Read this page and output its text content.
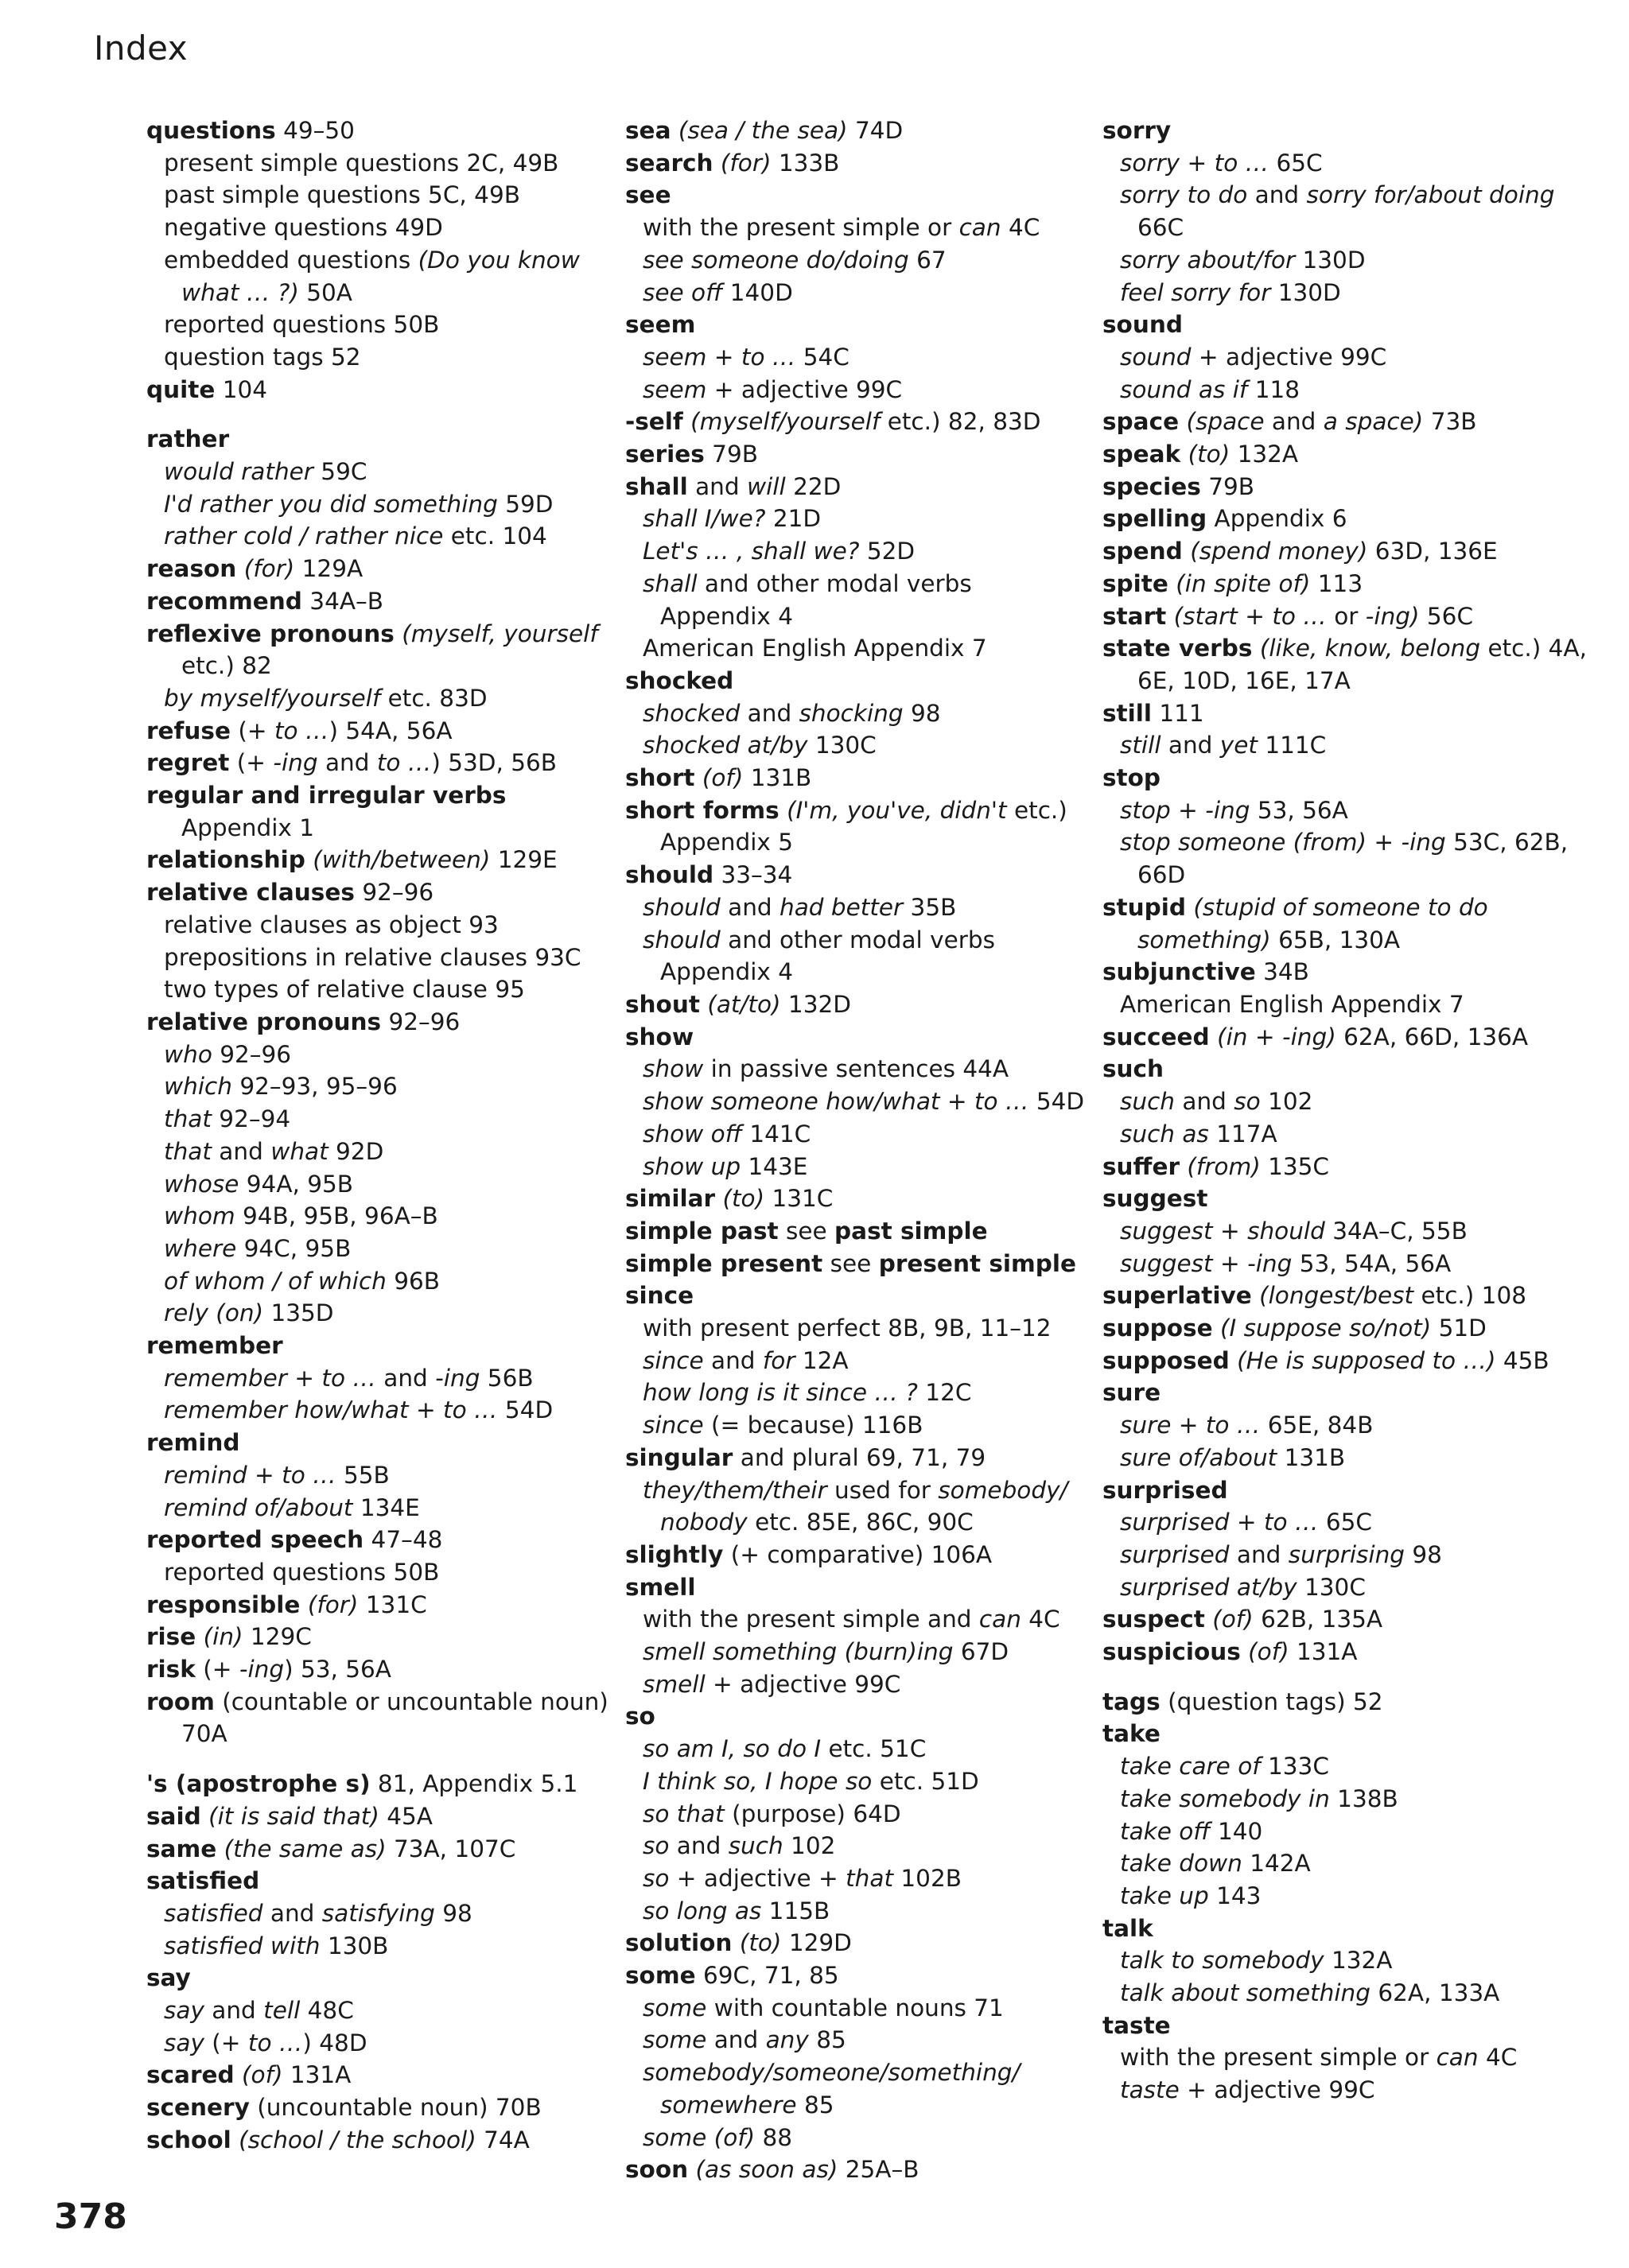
Index
questions 49–50
present simple questions 2C, 49B
past simple questions 5C, 49B
negative questions 49D
embedded questions (Do you know
what … ?) 50A
reported questions 50B
question tags 52
quite 104
rather
would rather 59C
I'd rather you did something 59D
rather cold / rather nice etc. 104
reason (for) 129A
recommend 34A–B
reflexive pronouns (myself, yourself
etc.) 82
by myself/yourself etc. 83D
refuse (+ to …) 54A, 56A
regret (+ -ing and to …) 53D, 56B
regular and irregular verbs
Appendix 1
relationship (with/between) 129E
relative clauses 92–96
relative clauses as object 93
prepositions in relative clauses 93C
two types of relative clause 95
relative pronouns 92–96
who 92–96
which 92–93, 95–96
that 92–94
that and what 92D
whose 94A, 95B
whom 94B, 95B, 96A–B
where 94C, 95B
of whom / of which 96B
rely (on) 135D
remember
remember + to … and -ing 56B
remember how/what + to … 54D
remind
remind + to … 55B
remind of/about 134E
reported speech 47–48
reported questions 50B
responsible (for) 131C
rise (in) 129C
risk (+ -ing) 53, 56A
room (countable or uncountable noun)
70A
's (apostrophe s) 81, Appendix 5.1
said (it is said that) 45A
same (the same as) 73A, 107C
satisfied
satisfied and satisfying 98
satisfied with 130B
say
say and tell 48C
say (+ to …) 48D
scared (of) 131A
scenery (uncountable noun) 70B
school (school / the school) 74A
sea (sea / the sea) 74D
search (for) 133B
see
with the present simple or can 4C
see someone do/doing 67
see off 140D
seem
seem + to … 54C
seem + adjective 99C
-self (myself/yourself etc.) 82, 83D
series 79B
shall and will 22D
shall I/we? 21D
Let's … , shall we? 52D
shall and other modal verbs
Appendix 4
American English Appendix 7
shocked
shocked and shocking 98
shocked at/by 130C
short (of) 131B
short forms (I'm, you've, didn't etc.)
Appendix 5
should 33–34
should and had better 35B
should and other modal verbs
Appendix 4
shout (at/to) 132D
show
show in passive sentences 44A
show someone how/what + to … 54D
show off 141C
show up 143E
similar (to) 131C
simple past see past simple
simple present see present simple
since
with present perfect 8B, 9B, 11–12
since and for 12A
how long is it since … ? 12C
since (= because) 116B
singular and plural 69, 71, 79
they/them/their used for somebody/
nobody etc. 85E, 86C, 90C
slightly (+ comparative) 106A
smell
with the present simple and can 4C
smell something (burn)ing 67D
smell + adjective 99C
so
so am I, so do I etc. 51C
I think so, I hope so etc. 51D
so that (purpose) 64D
so and such 102
so + adjective + that 102B
so long as 115B
solution (to) 129D
some 69C, 71, 85
some with countable nouns 71
some and any 85
somebody/someone/something/
somewhere 85
some (of) 88
soon (as soon as) 25A–B
sorry
sorry + to … 65C
sorry to do and sorry for/about doing
66C
sorry about/for 130D
feel sorry for 130D
sound
sound + adjective 99C
sound as if 118
space (space and a space) 73B
speak (to) 132A
species 79B
spelling Appendix 6
spend (spend money) 63D, 136E
spite (in spite of) 113
start (start + to … or -ing) 56C
state verbs (like, know, belong etc.) 4A,
6E, 10D, 16E, 17A
still 111
still and yet 111C
stop
stop + -ing 53, 56A
stop someone (from) + -ing 53C, 62B,
66D
stupid (stupid of someone to do
something) 65B, 130A
subjunctive 34B
American English Appendix 7
succeed (in + -ing) 62A, 66D, 136A
such
such and so 102
such as 117A
suffer (from) 135C
suggest
suggest + should 34A–C, 55B
suggest + -ing 53, 54A, 56A
superlative (longest/best etc.) 108
suppose (I suppose so/not) 51D
supposed (He is supposed to …) 45B
sure
sure + to … 65E, 84B
sure of/about 131B
surprised
surprised + to … 65C
surprised and surprising 98
surprised at/by 130C
suspect (of) 62B, 135A
suspicious (of) 131A
tags (question tags) 52
take
take care of 133C
take somebody in 138B
take off 140
take down 142A
take up 143
talk
talk to somebody 132A
talk about something 62A, 133A
taste
with the present simple or can 4C
taste + adjective 99C
378
